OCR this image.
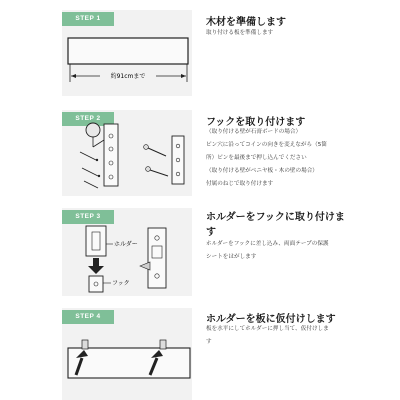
STEP 1
約91cmまで
木材を準備します
取り付ける板を準備します
STEP 2	フックを取り付けます
（取り付ける壁が石膏ボードの場合）
ピン穴に沿ってコインの向きを変えながら（5箇
所）ピンを最後まで押し込んでください
（取り付ける壁がベニヤ板・木の壁の場合）
付属のねじで取り付けます
STEP 3
ホルダー
フック
ホルダーをフックに取り付けま
す
ホルダーをフックに差し込み、両面テープの保護
シートをはがします
STEP 4	ホルダーを板に仮付けします
板を水平にしてホルダーに押し当て、仮付けしま
す
